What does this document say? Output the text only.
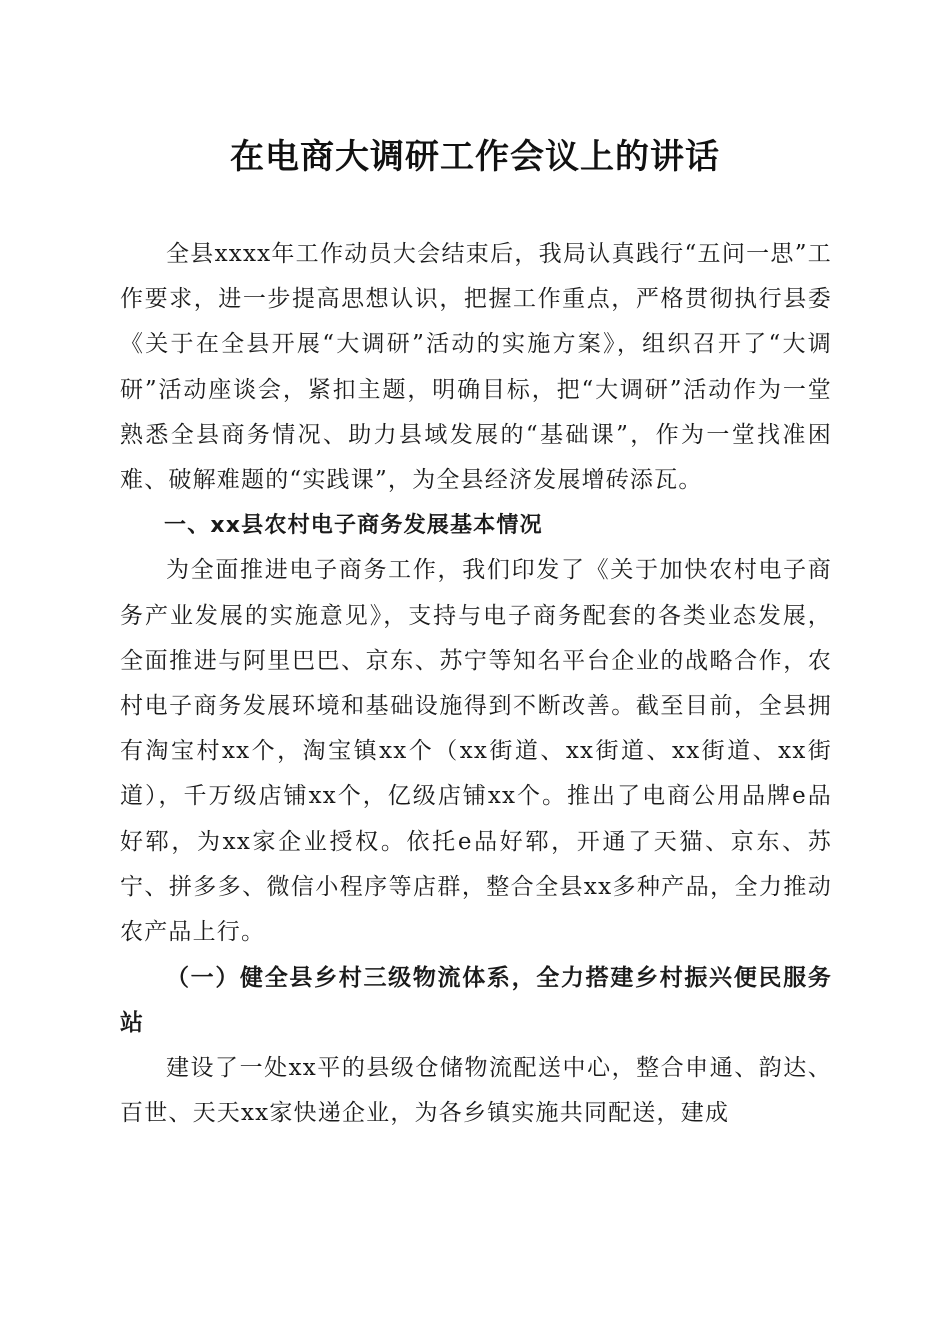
在电商大调研工作会议上的讲话

全县xxxx年工作动员大会结束后，我局认真践行“五问一思”工作要求，进一步提高思想认识，把握工作重点，严格贯彻执行县委《关于在全县开展“大调研”活动的实施方案》，组织召开了“大调研”活动座谈会，紧扣主题，明确目标，把“大调研”活动作为一堂熟悉全县商务情况、助力县域发展的“基础课”，作为一堂找准困难、破解难题的“实践课”，为全县经济发展增砖添瓦。

一、xx县农村电子商务发展基本情况

为全面推进电子商务工作，我们印发了《关于加快农村电子商务产业发展的实施意见》，支持与电子商务配套的各类业态发展，全面推进与阿里巴巴、京东、苏宁等知名平台企业的战略合作，农村电子商务发展环境和基础设施得到不断改善。截至目前，全县拥有淘宝村xx个，淘宝镇xx个（xx街道、xx街道、xx街道、xx街道），千万级店铺xx个，亿级店铺xx个。推出了电商公用品牌e品好郓，为xx家企业授权。依托e品好郓，开通了天猫、京东、苏宁、拼多多、微信小程序等店群，整合全县xx多种产品，全力推动农产品上行。

（一）健全县乡村三级物流体系，全力搭建乡村振兴便民服务站

建设了一处xx平的县级仓储物流配送中心，整合申通、韵达、百世、天天xx家快递企业，为各乡镇实施共同配送，建成
